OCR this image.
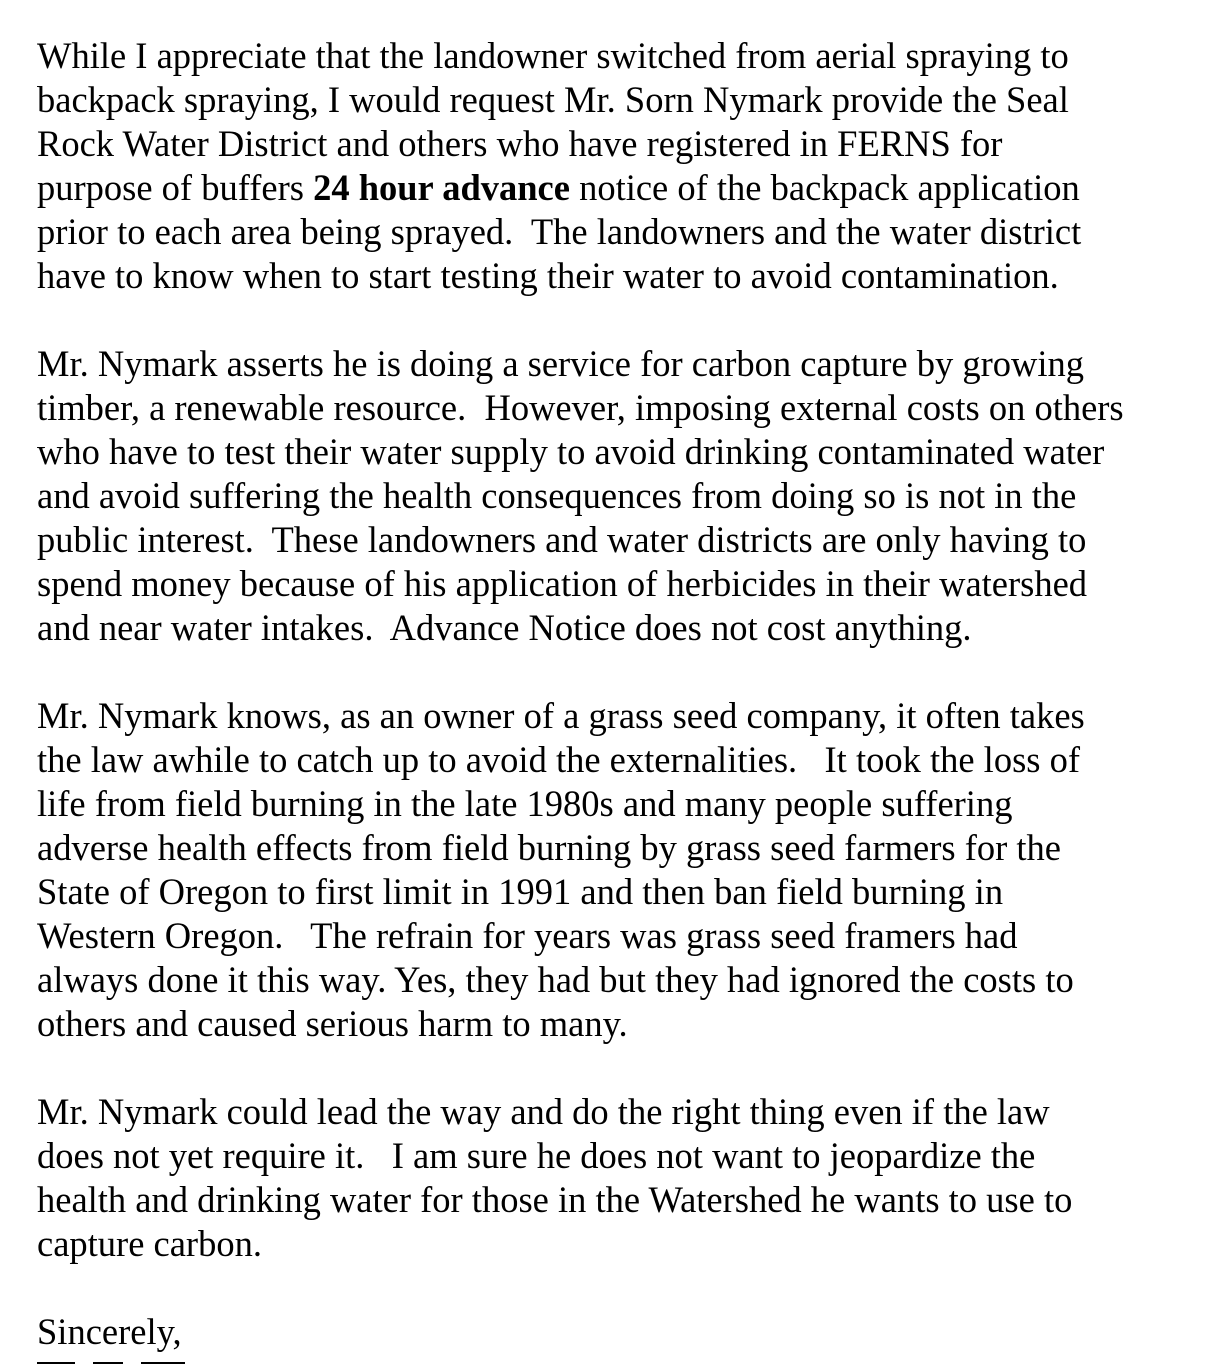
While I appreciate that the landowner switched from aerial spraying to
backpack spraying, I would request Mr. Sorn Nymark provide the Seal
Rock Water District and others who have registered in FERNS for
purpose of buffers 24 hour advance notice of the backpack application
prior to each area being sprayed.  The landowners and the water district
have to know when to start testing their water to avoid contamination.

Mr. Nymark asserts he is doing a service for carbon capture by growing
timber, a renewable resource.  However, imposing external costs on others
who have to test their water supply to avoid drinking contaminated water
and avoid suffering the health consequences from doing so is not in the
public interest.  These landowners and water districts are only having to
spend money because of his application of herbicides in their watershed
and near water intakes.  Advance Notice does not cost anything.

Mr. Nymark knows, as an owner of a grass seed company, it often takes
the law awhile to catch up to avoid the externalities.   It took the loss of
life from field burning in the late 1980s and many people suffering
adverse health effects from field burning by grass seed farmers for the
State of Oregon to first limit in 1991 and then ban field burning in
Western Oregon.   The refrain for years was grass seed framers had
always done it this way. Yes, they had but they had ignored the costs to
others and caused serious harm to many.

Mr. Nymark could lead the way and do the right thing even if the law
does not yet require it.   I am sure he does not want to jeopardize the
health and drinking water for those in the Watershed he wants to use to
capture carbon.

Sincerely,
